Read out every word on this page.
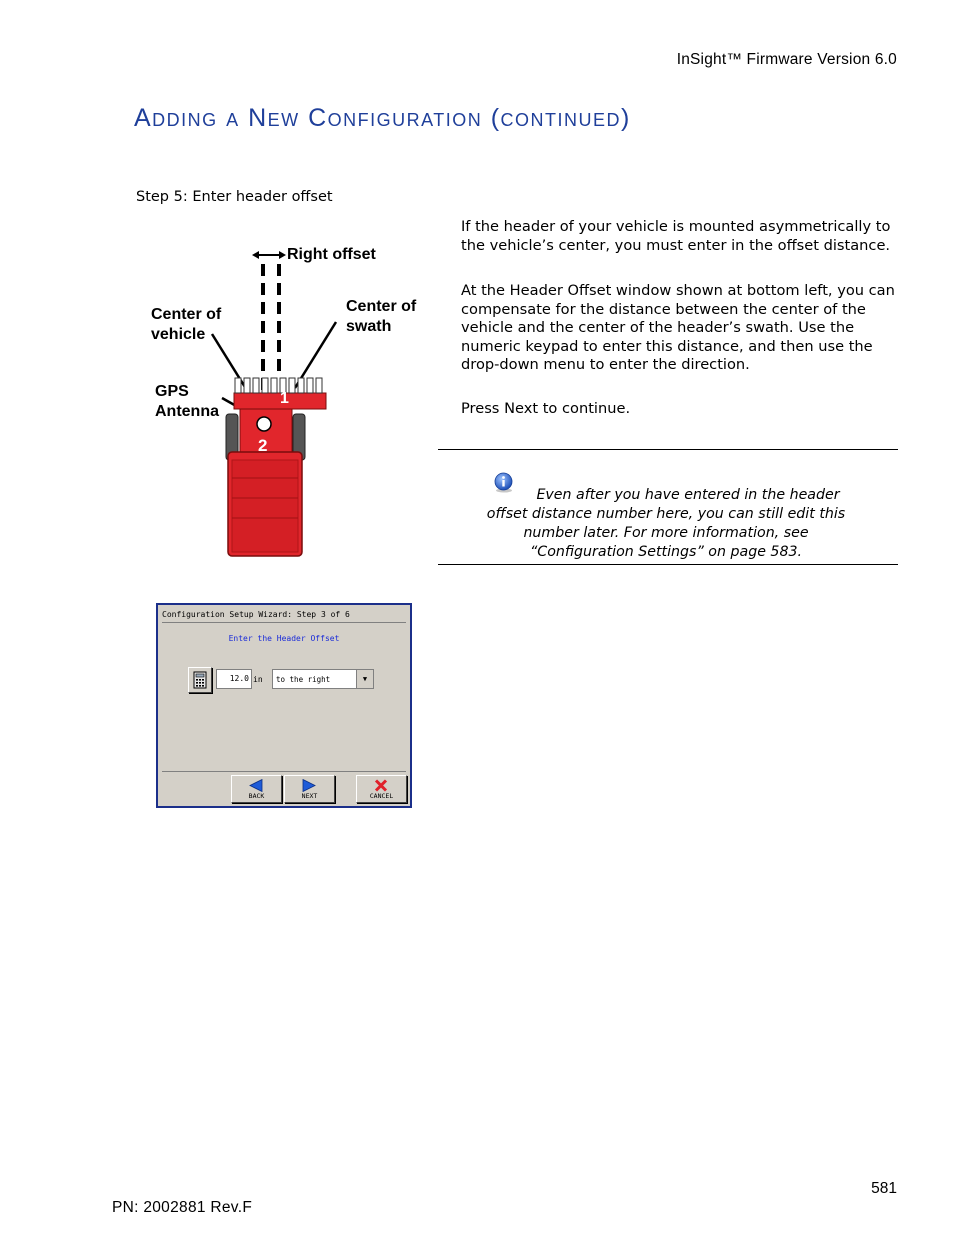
InSight™ Firmware Version 6.0
Adding a New Configuration (continued)
Step 5: Enter header offset
Right offset
Center of
vehicle
Center of
swath
GPS
Antenna
1
2
If the header of your vehicle is mounted asymmetrically to the vehicle’s center, you must enter in the offset distance.
At the Header Offset window shown at bottom left, you can compensate for the distance between the center of the vehicle and the center of the header’s swath. Use the numeric keypad to enter this distance, and then use the drop-down menu to enter the direction.
Press Next to continue.
Even after you have entered in the header offset distance number here, you can still edit this number later. For more information, see “Configuration Settings” on page 583.
Configuration Setup Wizard: Step 3 of 6
Enter the Header Offset
12.0 in to the right	▼
BACK	NEXT	CANCEL
581
PN: 2002881 Rev.F
